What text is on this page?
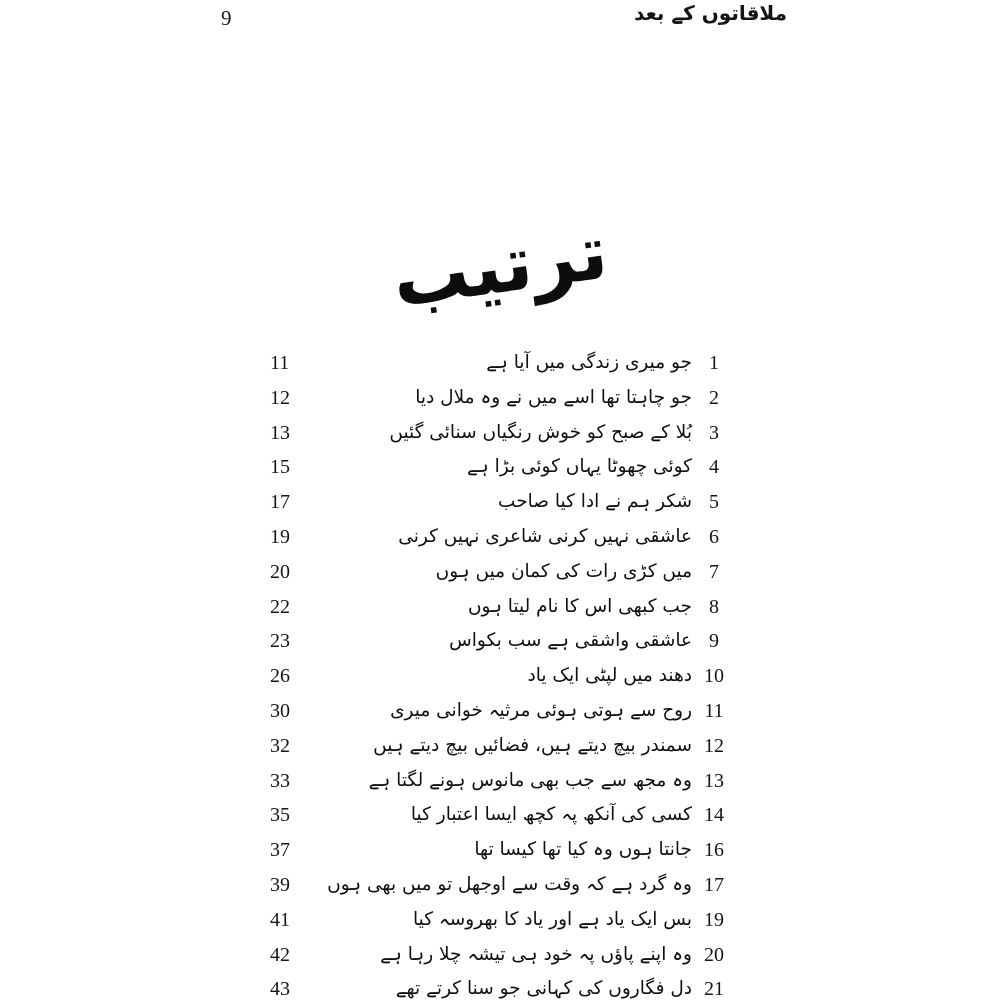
9	ملاقاتوں کے بعد
ترتیب
11	جو میری زندگی میں آیا ہے 1
12	جو چاہتا تھا اسے میں نے وہ ملال دیا 2
13	بُلا کے صبح کو خوش رنگیاں سنائی گئیں 3
15	کوئی چھوٹا یہاں کوئی بڑا ہے 4
17	شکر ہم نے ادا کیا صاحب 5
19	عاشقی نہیں کرنی شاعری نہیں کرنی 6
20	میں کڑی رات کی کمان میں ہوں 7
22	جب کبھی اس کا نام لیتا ہوں 8
23	عاشقی واشقی ہے سب بکواس 9
26	دھند میں لپٹی ایک یاد 10
30	روح سے ہوتی ہوئی مرثیہ خوانی میری 11
32	سمندر بیچ دیتے ہیں، فضائیں بیچ دیتے ہیں 12
33	وہ مجھ سے جب بھی مانوس ہونے لگتا ہے 13
35	کسی کی آنکھ پہ کچھ ایسا اعتبار کیا 14
37	جانتا ہوں وہ کیا تھا کیسا تھا 16
39 وہ گرد ہے کہ وقت سے اوجھل تو میں بھی ہوں 17
41	بس ایک یاد ہے اور یاد کا بھروسہ کیا 19
42	وہ اپنے پاؤں پہ خود ہی تیشہ چلا رہا ہے 20
43	دل فگاروں کی کہانی جو سنا کرتے تھے 21
